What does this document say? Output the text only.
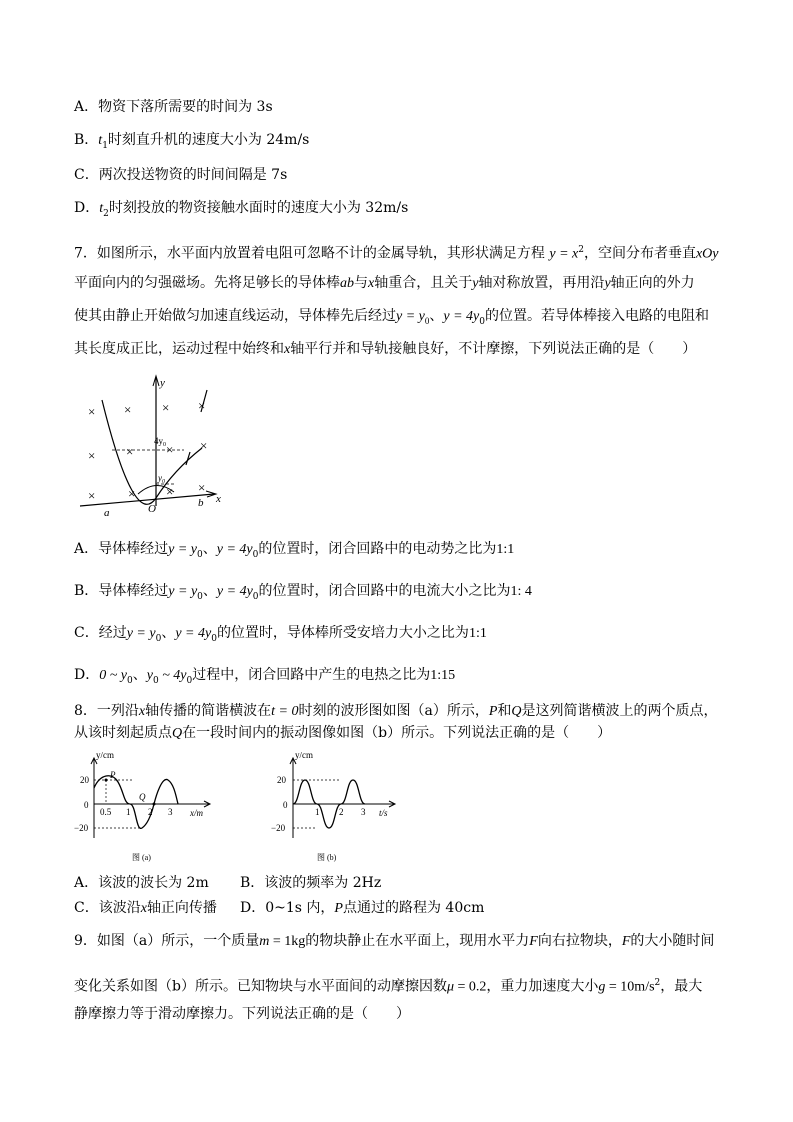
A．物资下落所需要的时间为 3s
B．$t_1$时刻直升机的速度大小为 24m/s
C．两次投送物资的时间间隔是 7s
D．$t_2$时刻投放的物资接触水面时的速度大小为 32m/s
7．如图所示，水平面内放置着电阻可忽略不计的金属导轨，其形状满足方程 $y = x^2$，空间分布者垂直xOy
平面向内的匀强磁场。先将足够长的导体棒ab与x轴重合，且关于y轴对称放置，再用沿y轴正向的外力
使其由静止开始做匀加速直线运动，导体棒先后经过$y = y_0$、$y = 4y_0$的位置。若导体棒接入电路的电阻和
其长度成正比，运动过程中始终和x轴平行并和导轨接触良好，不计摩擦，下列说法正确的是（　　）
× × × ×
× ×	× ×
×	× × ×
y
x
O
a
b
$4y_0$
$y_0$
A．导体棒经过$y = y_0$、$y = 4y_0$的位置时，闭合回路中的电动势之比为1:1
B．导体棒经过$y = y_0$、$y = 4y_0$的位置时，闭合回路中的电流大小之比为1: 4
C．经过$y = y_0$、$y = 4y_0$的位置时，导体棒所受安培力大小之比为1:1
D．0 ~ $y_0$、$y_0$ ~ $4y_0$过程中，闭合回路中产生的电热之比为1:15
8．一列沿x轴传播的简谐横波在t = 0时刻的波形图如图（a）所示，P和Q是这列简谐横波上的两个质点，
从该时刻起质点Q在一段时间内的振动图像如图（b）所示。下列说法正确的是（　　）
y/cm
20
−20
0
0.5 1 2 3 x/m
P
Q
图 (a)
y/cm
20
−20
0
1 2 3 t/s
图 (b)
A．该波的波长为 2m B．该波的频率为 2Hz
C．该波沿x轴正向传播 D．0~1s 内，P点通过的路程为 40cm
9．如图（a）所示，一个质量m = 1kg的物块静止在水平面上，现用水平力F向右拉物块，F的大小随时间
变化关系如图（b）所示。已知物块与水平面间的动摩擦因数μ = 0.2，重力加速度大小$g = 10m/s^2$，最大
静摩擦力等于滑动摩擦力。下列说法正确的是（　　）
